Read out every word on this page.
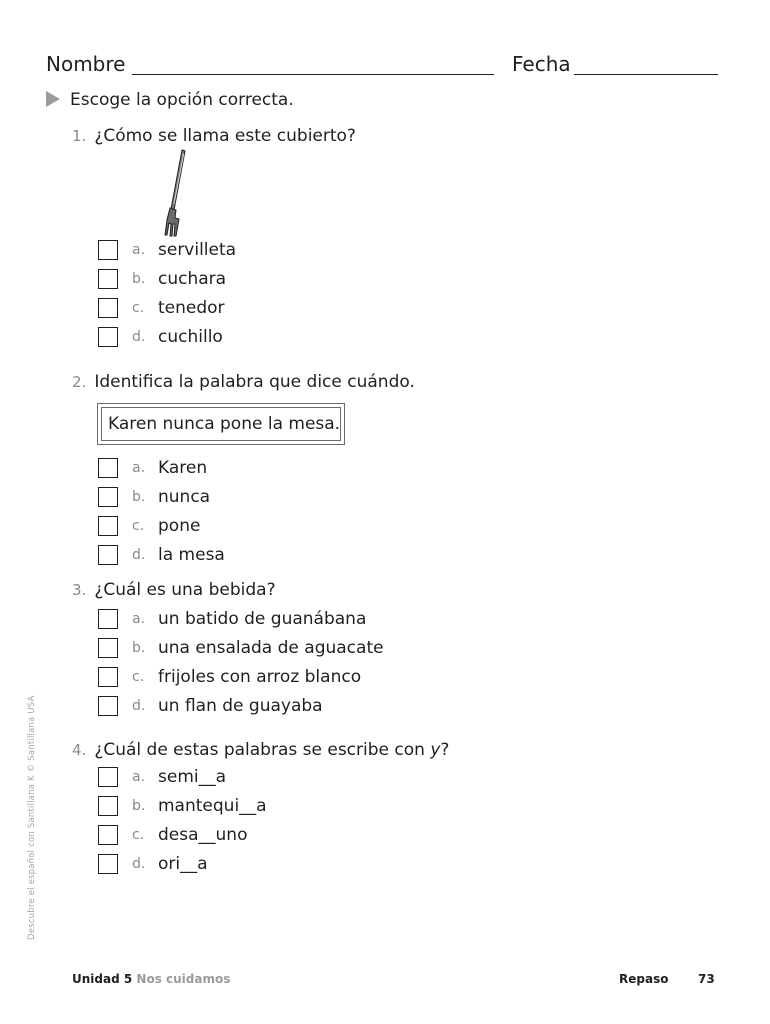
Nombre	Fecha
Escoge la opción correcta.
1. ¿Cómo se llama este cubierto?
a. servilleta
b. cuchara
c. tenedor
d. cuchillo
2. Identifica la palabra que dice cuándo.
Karen nunca pone la mesa.
a. Karen
b. nunca
c. pone
d. la mesa
3. ¿Cuál es una bebida?
a. un batido de guanábana
b. una ensalada de aguacate
c. frijoles con arroz blanco
d. un flan de guayaba
4. ¿Cuál de estas palabras se escribe con y?
a. semi__a
b. mantequi__a
c. desa__uno
d. ori__a
Descubre el español con Santillana K © Santillana USA
Unidad 5 Nos cuidamos	Repaso 73
